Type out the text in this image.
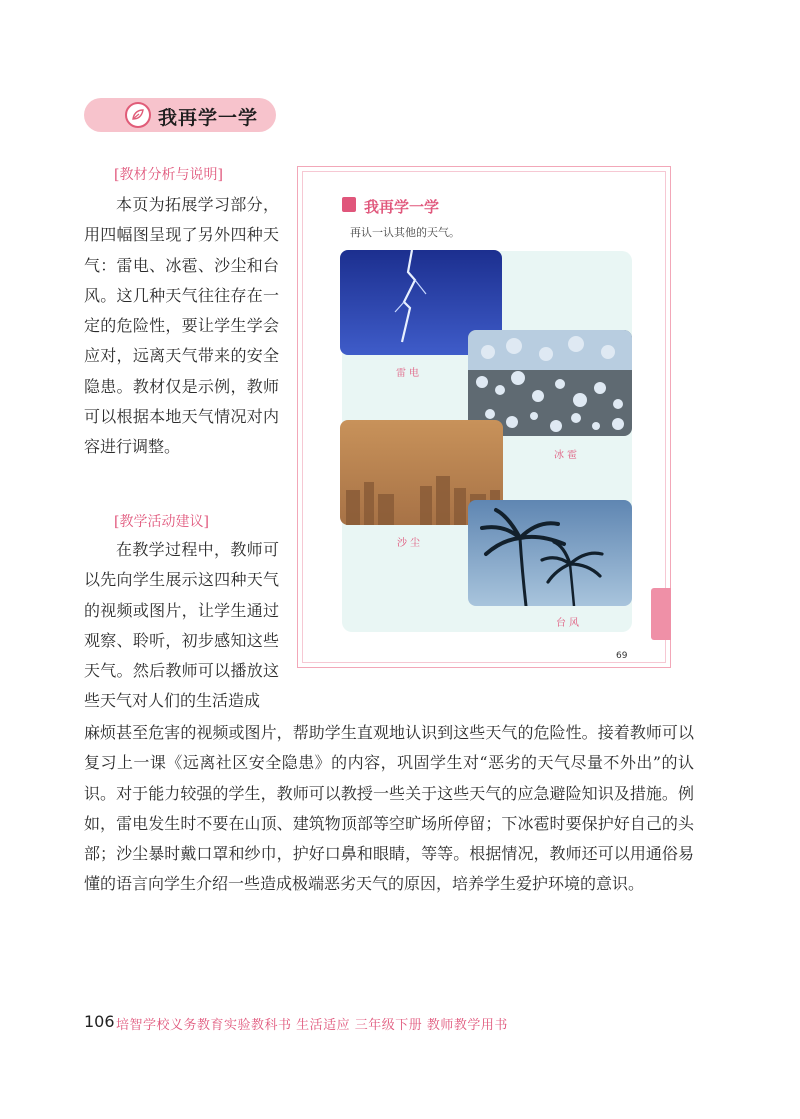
我再学一学
[教材分析与说明]

本页为拓展学习部分，用四幅图呈现了另外四种天气：雷电、冰雹、沙尘和台风。这几种天气往往存在一定的危险性，要让学生学会应对，远离天气带来的安全隐患。教材仅是示例，教师可以根据本地天气情况对内容进行调整。

[教学活动建议]

在教学过程中，教师可以先向学生展示这四种天气的视频或图片，让学生通过观察、聆听，初步感知这些天气。然后教师可以播放这些天气对人们的生活造成

麻烦甚至危害的视频或图片，帮助学生直观地认识到这些天气的危险性。接着教师可以复习上一课《远离社区安全隐患》的内容，巩固学生对“恶劣的天气尽量不外出”的认识。对于能力较强的学生，教师可以教授一些关于这些天气的应急避险知识及措施。例如，雷电发生时不要在山顶、建筑物顶部等空旷场所停留；下冰雹时要保护好自己的头部；沙尘暴时戴口罩和纱巾，护好口鼻和眼睛，等等。根据情况，教师还可以用通俗易懂的语言向学生介绍一些造成极端恶劣天气的原因，培养学生爱护环境的意识。

我再学一学
再认一认其他的天气。
雷电
冰雹
沙尘
台风
69
106 培智学校义务教育实验教科书 生活适应 三年级下册 教师教学用书
